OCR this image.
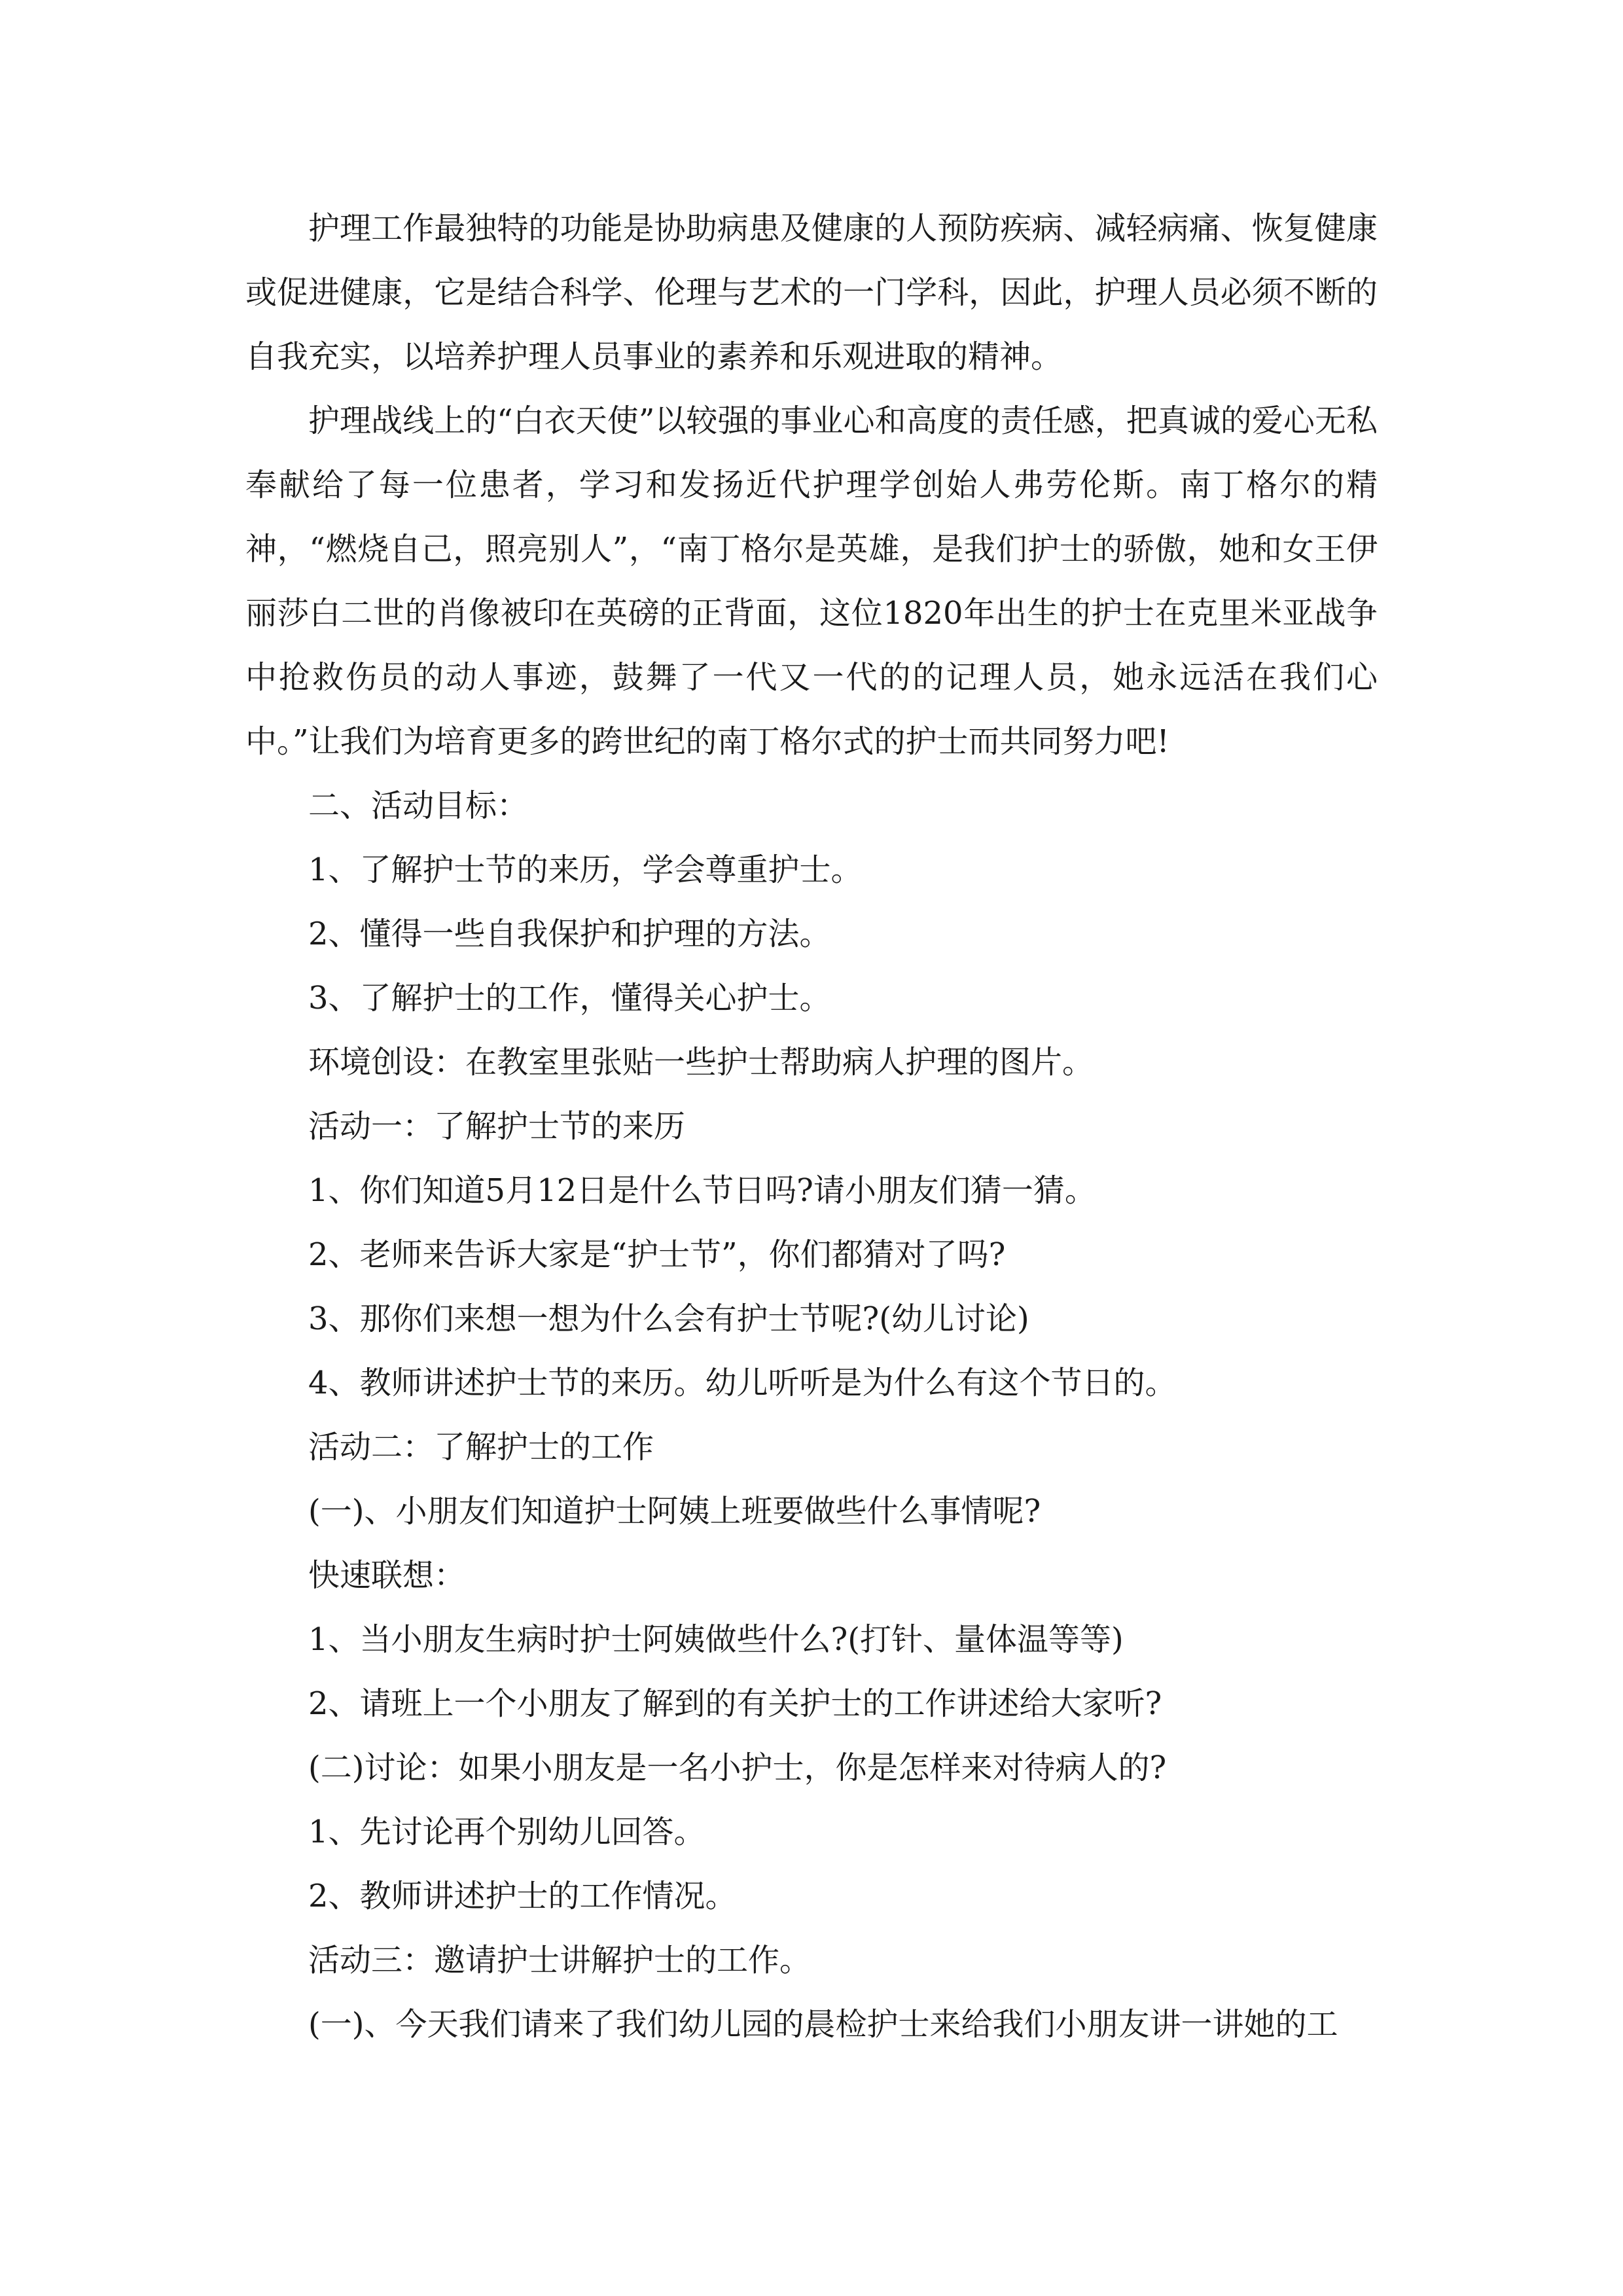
护理工作最独特的功能是协助病患及健康的人预防疾病、减轻病痛、恢复健康或促进健康，它是结合科学、伦理与艺术的一门学科，因此，护理人员必须不断的自我充实，以培养护理人员事业的素养和乐观进取的精神。

护理战线上的“白衣天使”以较强的事业心和高度的责任感，把真诚的爱心无私奉献给了每一位患者，学习和发扬近代护理学创始人弗劳伦斯。南丁格尔的精神，“燃烧自己，照亮别人”，“南丁格尔是英雄，是我们护士的骄傲，她和女王伊丽莎白二世的肖像被印在英磅的正背面，这位1820年出生的护士在克里米亚战争中抢救伤员的动人事迹，鼓舞了一代又一代的的记理人员，她永远活在我们心中。”让我们为培育更多的跨世纪的南丁格尔式的护士而共同努力吧!

二、活动目标：

1、了解护士节的来历，学会尊重护士。

2、懂得一些自我保护和护理的方法。

3、了解护士的工作，懂得关心护士。

环境创设：在教室里张贴一些护士帮助病人护理的图片。

活动一：了解护士节的来历

1、你们知道5月12日是什么节日吗?请小朋友们猜一猜。

2、老师来告诉大家是“护士节”，你们都猜对了吗?

3、那你们来想一想为什么会有护士节呢?(幼儿讨论)

4、教师讲述护士节的来历。幼儿听听是为什么有这个节日的。

活动二：了解护士的工作

(一)、小朋友们知道护士阿姨上班要做些什么事情呢?

快速联想：

1、当小朋友生病时护士阿姨做些什么?(打针、量体温等等)

2、请班上一个小朋友了解到的有关护士的工作讲述给大家听?

(二)讨论：如果小朋友是一名小护士，你是怎样来对待病人的?

1、先讨论再个别幼儿回答。

2、教师讲述护士的工作情况。

活动三：邀请护士讲解护士的工作。

(一)、今天我们请来了我们幼儿园的晨检护士来给我们小朋友讲一讲她的工
